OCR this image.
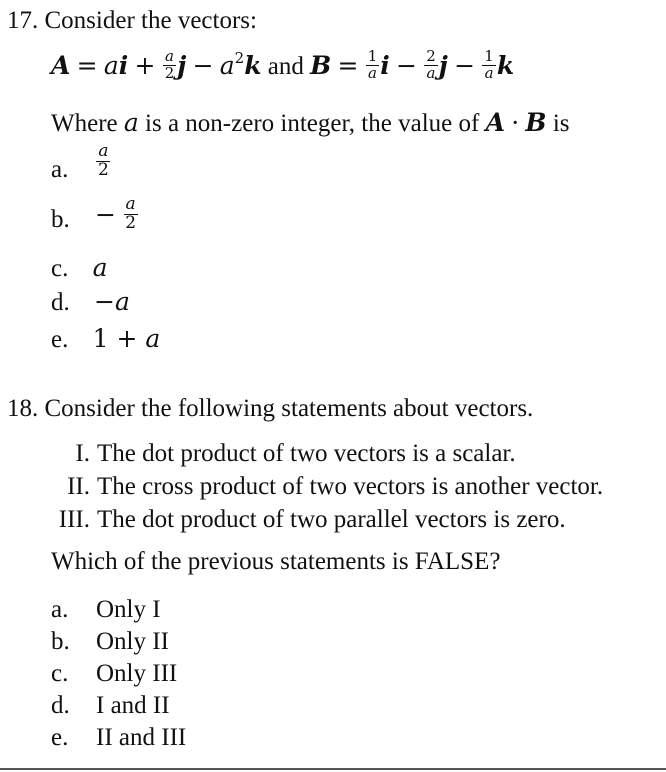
17. Consider the vectors:
A = ai + $\frac{a}{2}$ $j - a^2k$ and $B = \frac{1}{a}$ $i - \frac{2}{a}$ $j - \frac{1}{a}$ k
Where a is a non-zero integer, the value of A · B is
a. $\frac{a}{2}$
b. − $\frac{a}{2}$
c. a
d. −a
e. 1 + a
18. Consider the following statements about vectors.
I. The dot product of two vectors is a scalar.
II. The cross product of two vectors is another vector.
III. The dot product of two parallel vectors is zero.
Which of the previous statements is FALSE?
a. Only I
b. Only II
c. Only III
d. I and II
e. II and III
